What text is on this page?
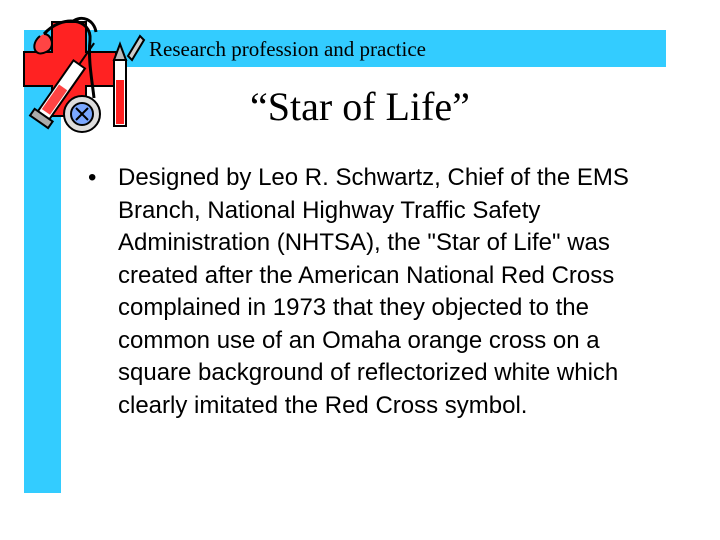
Research profession and practice
“Star of Life”
• Designed by Leo R. Schwartz, Chief of the EMS Branch, National Highway Traffic Safety Administration (NHTSA), the "Star of Life" was created after the American National Red Cross complained in 1973 that they objected to the common use of an Omaha orange cross on a square background of reflectorized white which clearly imitated the Red Cross symbol.
